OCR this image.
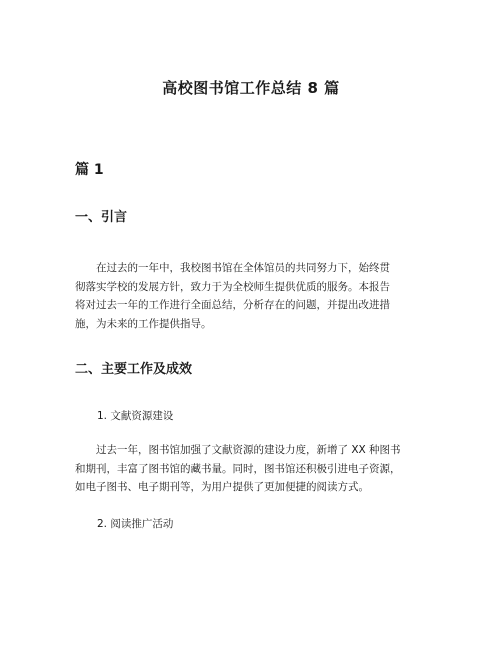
高校图书馆工作总结 8 篇
篇 1
一、引言
在过去的一年中，我校图书馆在全体馆员的共同努力下，始终贯
彻落实学校的发展方针，致力于为全校师生提供优质的服务。本报告
将对过去一年的工作进行全面总结，分析存在的问题，并提出改进措
施，为未来的工作提供指导。
二、主要工作及成效
1. 文献资源建设
过去一年，图书馆加强了文献资源的建设力度，新增了 XX 种图书
和期刊，丰富了图书馆的藏书量。同时，图书馆还积极引进电子资源，
如电子图书、电子期刊等，为用户提供了更加便捷的阅读方式。
2. 阅读推广活动
